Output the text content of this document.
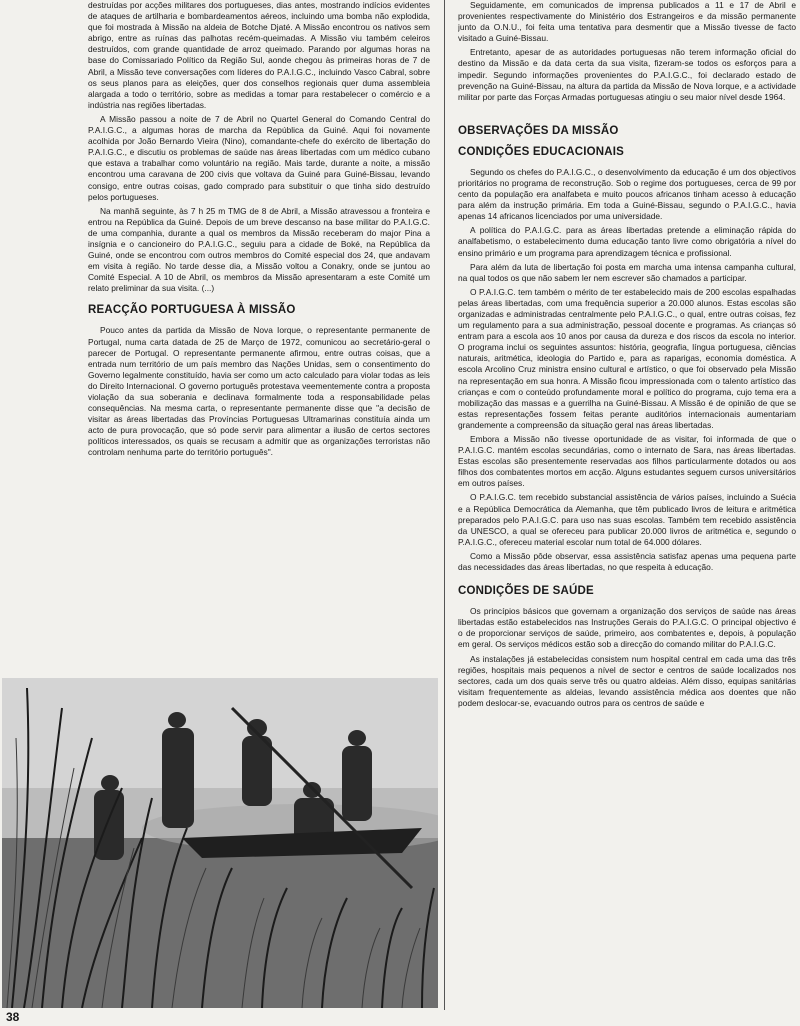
destruídas por acções militares dos portugueses, dias antes, mostrando indícios evidentes de ataques de artilharia e bombardeamentos aéreos, incluindo uma bomba não explodida, que foi mostrada à Missão na aldeia de Botche Djaté. A Missão encontrou os nativos sem abrigo, entre as ruínas das palhotas recém-queimadas. A Missão viu também celeiros destruídos, com grande quantidade de arroz queimado. Parando por algumas horas na base do Comissariado Político da Região Sul, aonde chegou às primeiras horas de 7 de Abril, a Missão teve conversações com líderes do P.A.I.G.C., incluindo Vasco Cabral, sobre os seus planos para as eleições, quer dos conselhos regionais quer duma assembleia alargada a todo o território, sobre as medidas a tomar para restabelecer o comércio e a indústria nas regiões libertadas.

A Missão passou a noite de 7 de Abril no Quartel General do Comando Central do P.A.I.G.C., a algumas horas de marcha da República da Guiné. Aqui foi novamente acolhida por João Bernardo Vieira (Nino), comandante-chefe do exército de libertação do P.A.I.G.C., e discutiu os problemas de saúde nas áreas libertadas com um médico cubano que estava a trabalhar como voluntário na região. Mais tarde, durante a noite, a missão encontrou uma caravana de 200 civis que voltava da Guiné para Guiné-Bissau, levando consigo, entre outras coisas, gado comprado para substituir o que tinha sido destruído pelos portugueses.

Na manhã seguinte, às 7 h 25 m TMG de 8 de Abril, a Missão atravessou a fronteira e entrou na República da Guiné. Depois de um breve descanso na base militar do P.A.I.G.C. de uma companhia, durante a qual os membros da Missão receberam do major Pina a insígnia e o cancioneiro do P.A.I.G.C., seguiu para a cidade de Boké, na República da Guiné, onde se encontrou com outros membros do Comité especial dos 24, que andavam em visita à região. No tarde desse dia, a Missão voltou a Conakry, onde se juntou ao Comité Especial. A 10 de Abril, os membros da Missão apresentaram a este Comité um relato preliminar da sua visita. (...)

REACÇÃO PORTUGUESA À MISSÃO

Pouco antes da partida da Missão de Nova Iorque, o representante permanente de Portugal, numa carta datada de 25 de Março de 1972, comunicou ao secretário-geral o parecer de Portugal. O representante permanente afirmou, entre outras coisas, que a entrada num território de um país membro das Nações Unidas, sem o consentimento do Governo legalmente constituído, havia ser como um acto calculado para violar todas as leis do Direito Internacional. O governo português protestava veementemente contra a proposta violação da sua soberania e declinava formalmente toda a responsabilidade pelas consequências. Na mesma carta, o representante permanente disse que "a decisão de visitar as áreas libertadas das Províncias Portuguesas Ultramarinas constituía ainda um acto de pura provocação, que só pode servir para alimentar a ilusão de certos sectores políticos interessados, os quais se recusam a admitir que as organizações terroristas não controlam nenhuma parte do território português".

Seguidamente, em comunicados de imprensa publicados a 11 e 17 de Abril e provenientes respectivamente do Ministério dos Estrangeiros e da missão permanente junto da O.N.U., foi feita uma tentativa para desmentir que a Missão tivesse de facto visitado a Guiné-Bissau.

Entretanto, apesar de as autoridades portuguesas não terem informação oficial do destino da Missão e da data certa da sua visita, fizeram-se todos os esforços para a impedir. Segundo informações provenientes do P.A.I.G.C., foi declarado estado de prevenção na Guiné-Bissau, na altura da partida da Missão de Nova Iorque, e a actividade militar por parte das Forças Armadas portuguesas atingiu o seu maior nível desde 1964.

OBSERVAÇÕES DA MISSÃO
CONDIÇÕES EDUCACIONAIS

Segundo os chefes do P.A.I.G.C., o desenvolvimento da educação é um dos objectivos prioritários no programa de reconstrução. Sob o regime dos portugueses, cerca de 99 por cento da população era analfabeta e muito poucos africanos tinham acesso à educação para além da instrução primária. Em toda a Guiné-Bissau, segundo o P.A.I.G.C., havia apenas 14 africanos licenciados por uma universidade.

A política do P.A.I.G.C. para as áreas libertadas pretende a eliminação rápida do analfabetismo, o estabelecimento duma educação tanto livre como obrigatória a nível do ensino primário e um programa para aprendizagem técnica e profissional.

Para além da luta de libertação foi posta em marcha uma intensa campanha cultural, na qual todos os que não sabem ler nem escrever são chamados a participar.

O P.A.I.G.C. tem também o mérito de ter estabelecido mais de 200 escolas espalhadas pelas áreas libertadas, com uma frequência superior a 20.000 alunos. Estas escolas são organizadas e administradas centralmente pelo P.A.I.G.C., o qual, entre outras coisas, fez um regulamento para a sua administração, pessoal docente e programas. As crianças só entram para a escola aos 10 anos por causa da dureza e dos riscos da escola no interior. O programa inclui os seguintes assuntos: história, geografia, língua portuguesa, ciências naturais, aritmética, ideologia do Partido e, para as raparigas, economia doméstica. A escola Arcolino Cruz ministra ensino cultural e artístico, o que foi observado pela Missão na representação em sua honra. A Missão ficou impressionada com o talento artístico das crianças e com o conteúdo profundamente moral e político do programa, cujo tema era a mobilização das massas e a guerrilha na Guiné-Bissau. A Missão é de opinião de que se estas representações fossem feitas perante auditórios internacionais aumentariam grandemente a compreensão da situação geral nas áreas libertadas.

Embora a Missão não tivesse oportunidade de as visitar, foi informada de que o P.A.I.G.C. mantém escolas secundárias, como o internato de Sara, nas áreas libertadas. Estas escolas são presentemente reservadas aos filhos particularmente dotados ou aos filhos dos combatentes mortos em acção. Alguns estudantes seguem cursos universitários em outros países.

O P.A.I.G.C. tem recebido substancial assistência de vários países, incluindo a Suécia e a República Democrática da Alemanha, que têm publicado livros de leitura e aritmética preparados pelo P.A.I.G.C. para uso nas suas escolas. Também tem recebido assistência da UNESCO, a qual se ofereceu para publicar 20.000 livros de aritmética e, segundo o P.A.I.G.C., ofereceu material escolar num total de 64.000 dólares.

Como a Missão pôde observar, essa assistência satisfaz apenas uma pequena parte das necessidades das áreas libertadas, no que respeita à educação.

CONDIÇÕES DE SAÚDE

Os princípios básicos que governam a organização dos serviços de saúde nas áreas libertadas estão estabelecidos nas Instruções Gerais do P.A.I.G.C. O principal objectivo é o de proporcionar serviços de saúde, primeiro, aos combatentes e, depois, à população em geral. Os serviços médicos estão sob a direcção do comando militar do P.A.I.G.C.

As instalações já estabelecidas consistem num hospital central em cada uma das três regiões, hospitais mais pequenos a nível de sector e centros de saúde localizados nos sectores, cada um dos quais serve três ou quatro aldeias. Além disso, equipas sanitárias visitam frequentemente as aldeias, levando assistência médica aos doentes que não podem deslocar-se, evacuando outros para os centros de saúde e

38
